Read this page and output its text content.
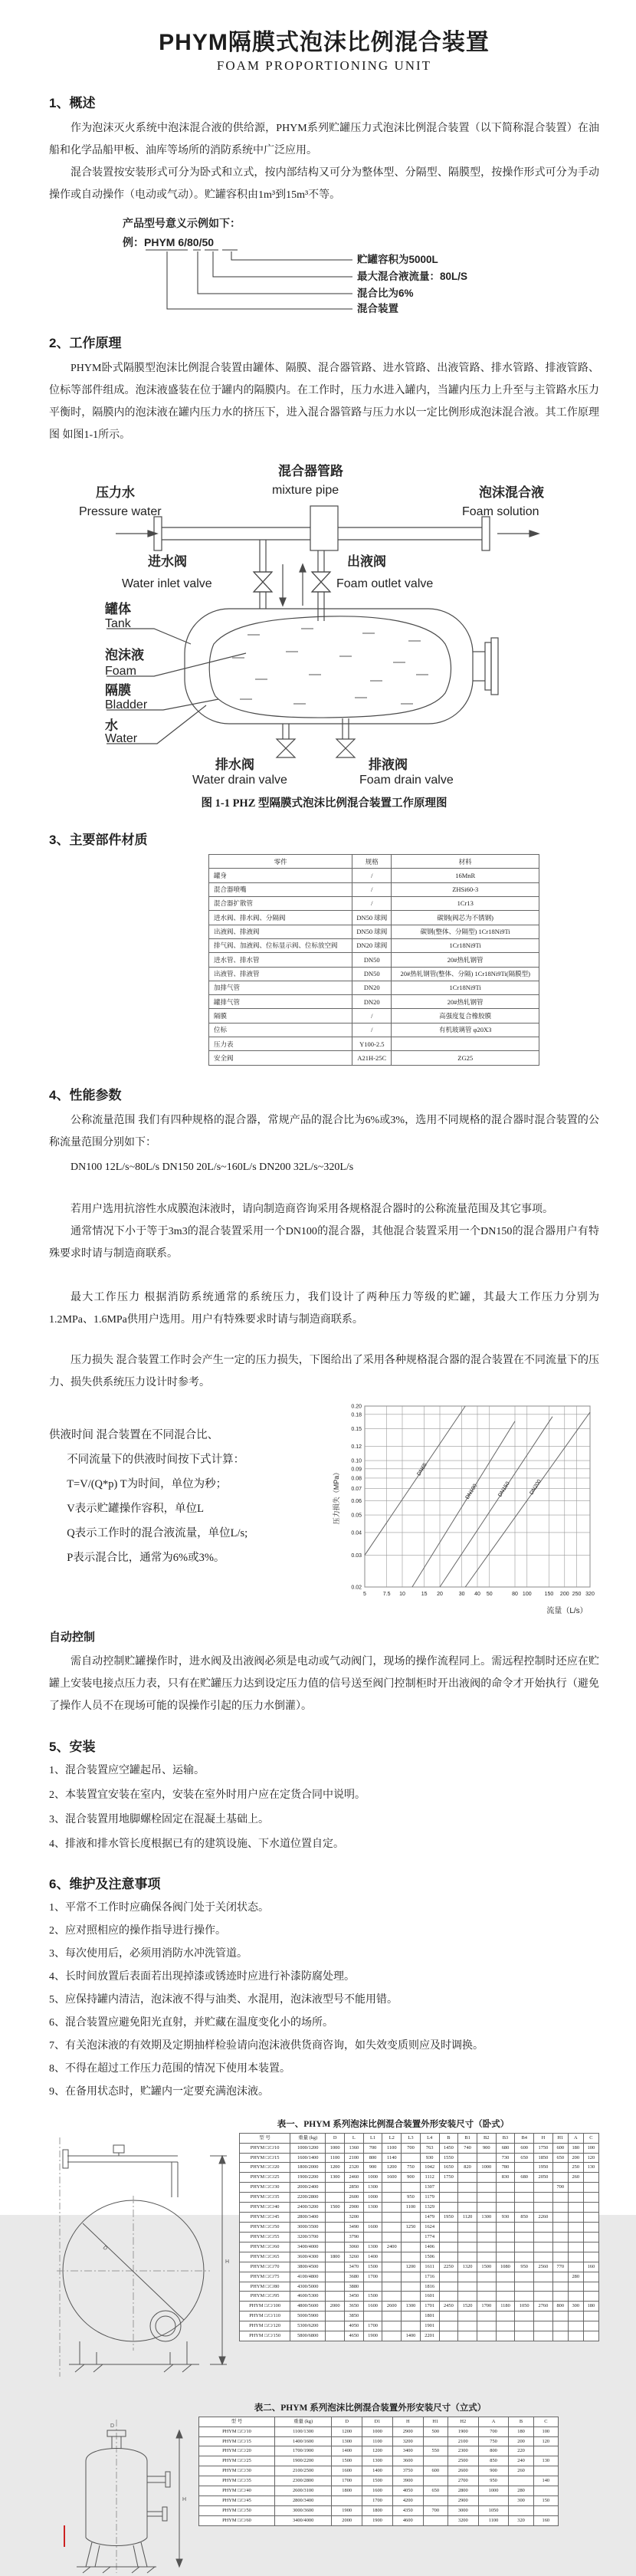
PHYM隔膜式泡沫比例混合装置
FOAM PROPORTIONING UNIT
1、概述

作为泡沫灭火系统中泡沫混合液的供给源，PHYM系列贮罐压力式泡沫比例混合装置（以下简称混合装置）在油船和化学品船甲板、油库等场所的消防系统中广泛应用。

混合装置按安装形式可分为卧式和立式，按内部结构又可分为整体型、分隔型、隔膜型，按操作形式可分为手动操作或自动操作（电动或气动）。贮罐容积由1m³到15m³不等。

产品型号意义示例如下：
例：PHYM 6/80/50
贮罐容积为5000L
最大混合液流量：80L/S
混合比为6%
混合装置
2、工作原理

PHYM卧式隔膜型泡沫比例混合装置由罐体、隔膜、混合器管路、进水管路、出液管路、排水管路、排液管路、位标等部件组成。泡沫液盛装在位于罐内的隔膜内。在工作时，压力水进入罐内，当罐内压力上升至与主管路水压力平衡时，隔膜内的泡沫液在罐内压力水的挤压下，进入混合器管路与压力水以一定比例形成泡沫混合液。其工作原理图 如图1-1所示。

混合器管路
mixture pipe
压力水
Pressure water
泡沫混合液
Foam solution
进水阀
Water inlet valve
出液阀
Foam outlet valve
罐体
Tank
泡沫液
Foam
隔膜
Bladder
水
Water
排水阀
Water drain valve
排液阀
Foam drain valve
图 1-1 PHZ 型隔膜式泡沫比例混合装置工作原理图
3、主要部件材质
零件	规格	材料
罐身	/	16MnR
混合器喷嘴	/	ZHSi60-3
混合器扩散管	/	1Cr13
进水阀、排水阀、分隔阀	DN50 球阀	碳钢(阀芯为不锈钢)
出液阀、排液阀	DN50 球阀	碳钢(整体、分隔型) 1Cr18Ni9Ti
排气阀、加液阀、位标显示阀、位标放空阀	DN20 球阀	1Cr18Ni9Ti
进水管、排水管	DN50	20#热轧钢管
出液管、排液管	DN50	20#热轧钢管(整体、分隔) 1Cr18Ni9Ti(隔膜型)
加排气管	DN20	1Cr18Ni9Ti
罐排气管	DN20	20#热轧钢管
隔膜	/	高强度复合橡胶膜
位标	/	有机玻璃管 φ20X3
压力表	Y100-2.5	
安全阀	A21H-25C	ZG25
4、性能参数

公称流量范围 我们有四种规格的混合器，常规产品的混合比为6%或3%，选用不同规格的混合器时混合装置的公称流量范围分别如下：

DN100 12L/s~80L/s DN150 20L/s~160L/s DN200 32L/s~320L/s

若用户选用抗溶性水成膜泡沫液时，请向制造商咨询采用各规格混合器时的公称流量范围及其它事项。

通常情况下小于等于3m3的混合装置采用一个DN100的混合器，其他混合装置采用一个DN150的混合器用户有特殊要求时请与制造商联系。

最大工作压力 根据消防系统通常的系统压力，我们设计了两种压力等级的贮罐，其最大工作压力分别为1.2MPa、1.6MPa供用户选用。用户有特殊要求时请与制造商联系。

压力损失 混合装置工作时会产生一定的压力损失，下图给出了采用各种规格混合器的混合装置在不同流量下的压力、损失供系统压力设计时参考。

供液时间 混合装置在不同混合比、
不同流量下的供液时间按下式计算：
T=V/(Q*p) T为时间，单位为秒；
V表示贮罐操作容积，单位L
Q表示工作时的混合液流量，单位L/s;
P表示混合比，通常为6%或3%。
5	7.5 10	15 20	30 40 50	80 100 150 200 250 320
0.02
0.03
0.04
0.05
0.06
0.07
0.08
0.09
0.10
0.12
0.15
0.18
0.20
DN65
DN100	DN150	DN200
压力损失（MPa）
流量（L/s）
自动控制

需自动控制贮罐操作时，进水阀及出液阀必须是电动或气动阀门，现场的操作流程同上。需远程控制时还应在贮罐上安装电接点压力表，只有在贮罐压力达到设定压力值的信号送至阀门控制柜时开出液阀的命令才开始执行（避免了操作人员不在现场可能的误操作引起的压力水倒灌）。

5、安装
1、混合装置应空罐起吊、运输。
2、本装置宜安装在室内，安装在室外时用户应在定货合同中说明。
3、混合装置用地脚螺栓固定在混凝土基础上。
4、排液和排水管长度根据已有的建筑设施、下水道位置自定。
6、维护及注意事项
1、平常不工作时应确保各阀门处于关闭状态。
2、应对照相应的操作指导进行操作。
3、每次使用后，必须用消防水冲洗管道。
4、长时间放置后表面若出现掉漆或锈迹时应进行补漆防腐处理。
5、应保持罐内清洁，泡沫液不得与油类、水混用，泡沫液型号不能用错。
6、混合装置应避免阳光直射，并贮藏在温度变化小的场所。
7、有关泡沫液的有效期及定期抽样检验请向泡沫液供货商咨询，如失效变质则应及时调换。
8、不得在超过工作压力范围的情况下使用本装置。
9、在备用状态时，贮罐内一定要充满泡沫液。
表一、PHYM 系列泡沫比例混合装置外形安装尺寸（卧式）
D
H
型 号	重量 (kg)	D	L	L1	L2	L3	L4	B	B1	B2	B3	B4	H	H1	A	C
PHYM □/□/10	1000/1200	1000	1360	700	1100	700	763	1450	740	900	680	600	1750	600	180	100
PHYM □/□/15	1600/1400	1100	2100	800	1140		930	1550			730	650	1850	650	200	120
PHYM □/□/20	1800/2000	1200	2320	900	1200	750	1042	1650	820	1000	780		1950		250	130
PHYM □/□/25	1900/2200	1300	2460	1000	1600	900	1112	1750			830	680	2050		260	
PHYM □/□/30	2000/2400		2850	1300			1307							700		
PHYM □/□/35	2200/2800		2600	1000		950	1179									
PHYM □/□/40	2400/3200	1500	2900	1300		1100	1329									
PHYM □/□/45	2800/3400		3200				1479	1950	1120	1300	930	850	2260			
PHYM □/□/50	3000/3500		3490	1600		1250	1624									
PHYM □/□/55	3200/3700		3790				1774									
PHYM □/□/60	3400/4000		3060	1300	2400		1406									
PHYM □/□/65	3600/4300	1800	3260	1400			1506									
PHYM □/□/70	3800/4500		3470	1500		1200	1611	2250	1320	1500	1080	950	2560	770		160
PHYM □/□/75	4100/4800		3680	1700			1716								280	
PHYM □/□/80	4300/5000		3880				1816									
PHYM □/□/95	4600/5300		3450	1500			1601									
PHYM □/□/100	4800/5600	2000	3650	1600	2600	1300	1701	2450	1520	1700	1180	1050	2760	800	300	180
PHYM □/□/110	5000/5900		3850				1801									
PHYM □/□/120	5300/6200		4050	1700			1901									
PHYM □/□/150	5800/6800		4650	1900		1400	2201									
表二、PHYM 系列泡沫比例混合装置外形安装尺寸（立式）
H
D
型 号	重量 (kg)	D	D1	H	H1	H2	A	B	C
PHYM □/□/10	1100/1300	1200	1000	2900	500	1900	700	180	100
PHYM □/□/15	1400/1600	1300	1100	3200		2100	750	200	120
PHYM □/□/20	1700/1900	1400	1200	3400	550	2300	800	220	
PHYM □/□/25	1900/2200	1500	1300	3600		2500	850	240	130
PHYM □/□/30	2100/2500	1600	1400	3750	600	2600	900	260	
PHYM □/□/35	2300/2800	1700	1500	3900		2700	950		140
PHYM □/□/40	2600/3100	1800	1600	4050	650	2800	1000	280	
PHYM □/□/45	2800/3400		1700	4200		2900		300	150
PHYM □/□/50	3000/3600	1900	1800	4350	700	3000	1050		
PHYM □/□/60	3400/4000	2000	1900	4600		3200	1100	320	160
